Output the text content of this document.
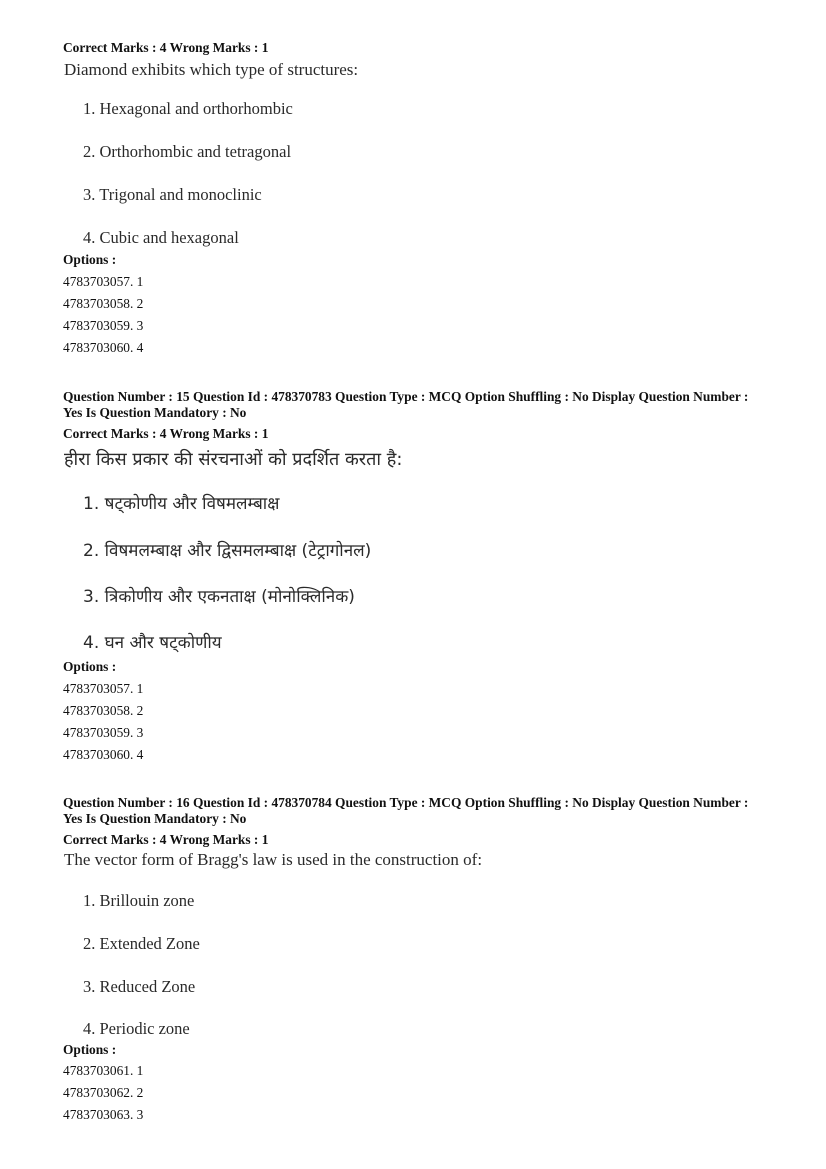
Correct Marks : 4 Wrong Marks : 1
Diamond exhibits which type of structures:
1. Hexagonal and orthorhombic
2. Orthorhombic and tetragonal
3. Trigonal and monoclinic
4. Cubic and hexagonal
Options :
4783703057. 1
4783703058. 2
4783703059. 3
4783703060. 4
Question Number : 15 Question Id : 478370783 Question Type : MCQ Option Shuffling : No Display Question Number : Yes Is Question Mandatory : No
Correct Marks : 4 Wrong Marks : 1
हीरा किस प्रकार की संरचनाओं को प्रदर्शित करता है:
1. षट्कोणीय और विषमलम्बाक्ष
2. विषमलम्बाक्ष और द्विसमलम्बाक्ष (टेट्रागोनल)
3. त्रिकोणीय और एकनताक्ष (मोनोक्लिनिक)
4. घन और षट्कोणीय
Options :
4783703057. 1
4783703058. 2
4783703059. 3
4783703060. 4
Question Number : 16 Question Id : 478370784 Question Type : MCQ Option Shuffling : No Display Question Number : Yes Is Question Mandatory : No
Correct Marks : 4 Wrong Marks : 1
The vector form of Bragg's law is used in the construction of:
1. Brillouin zone
2. Extended Zone
3. Reduced Zone
4. Periodic zone
Options :
4783703061. 1
4783703062. 2
4783703063. 3
